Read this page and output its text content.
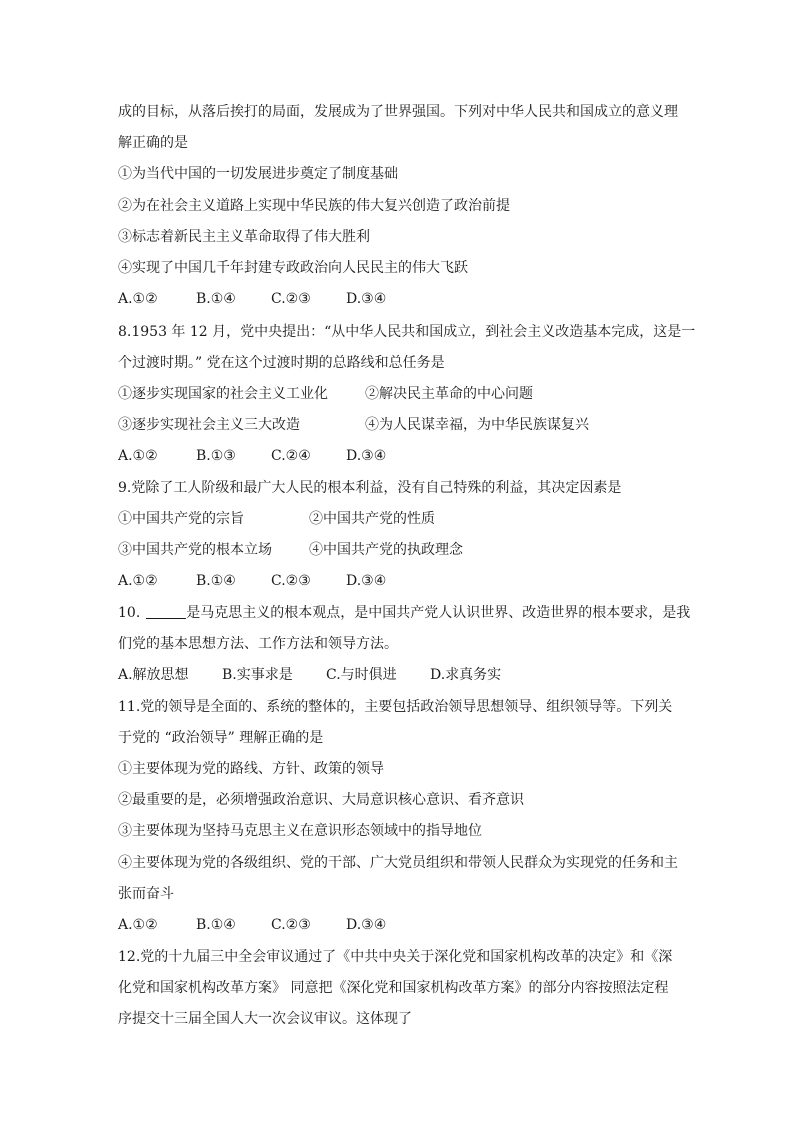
成的目标，从落后挨打的局面，发展成为了世界强国。下列对中华人民共和国成立的意义理
解正确的是
①为当代中国的一切发展进步奠定了制度基础
②为在社会主义道路上实现中华民族的伟大复兴创造了政治前提
③标志着新民主主义革命取得了伟大胜利
④实现了中国几千年封建专政政治向人民民主的伟大飞跃
A.①②	B.①④	C.②③	D.③④
8.1953 年 12 月，党中央提出：“从中华人民共和国成立，到社会主义改造基本完成，这是一
个过渡时期。” 党在这个过渡时期的总路线和总任务是
①逐步实现国家的社会主义工业化	②解决民主革命的中心问题
③逐步实现社会主义三大改造	④为人民谋幸福，为中华民族谋复兴
A.①②	B.①③	C.②④	D.③④
9.党除了工人阶级和最广大人民的根本利益，没有自己特殊的利益，其决定因素是
①中国共产党的宗旨	②中国共产党的性质
③中国共产党的根本立场	④中国共产党的执政理念
A.①②	B.①④	C.②③	D.③④
10.	是马克思主义的根本观点，是中国共产党人认识世界、改造世界的根本要求，是我
们党的基本思想方法、工作方法和领导方法。
A.解放思想 B.实事求是 C.与时俱进 D.求真务实
11.党的领导是全面的、系统的整体的，主要包括政治领导思想领导、组织领导等。下列关
于党的 “政治领导” 理解正确的是
①主要体现为党的路线、方针、政策的领导
②最重要的是，必须增强政治意识、大局意识核心意识、看齐意识
③主要体现为坚持马克思主义在意识形态领域中的指导地位
④主要体现为党的各级组织、党的干部、广大党员组织和带领人民群众为实现党的任务和主
张而奋斗
A.①②	B.①④	C.②③	D.③④
12.党的十九届三中全会审议通过了《中共中央关于深化党和国家机构改革的决定》和《深
化党和国家机构改革方案》 同意把《深化党和国家机构改革方案》的部分内容按照法定程
序提交十三届全国人大一次会议审议。这体现了
